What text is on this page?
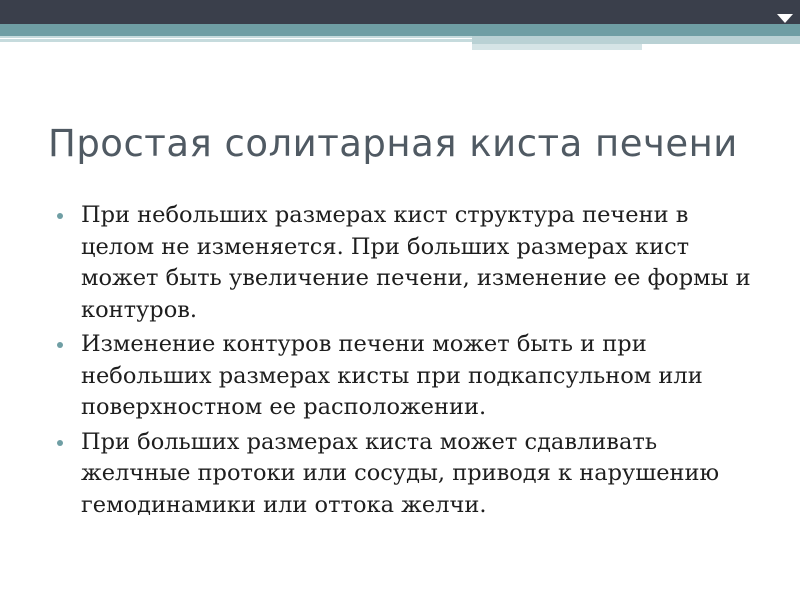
Простая солитарная киста печени
При небольших размерах кист структура печени в целом не изменяется. При больших размерах кист может быть увеличение печени, изменение ее формы и контуров.
Изменение контуров печени может быть и при небольших размерах кисты при подкапсульном или поверхностном ее расположении.
При больших размерах киста может сдавливать желчные протоки или сосуды, приводя к нарушению гемодинамики или оттока желчи.
